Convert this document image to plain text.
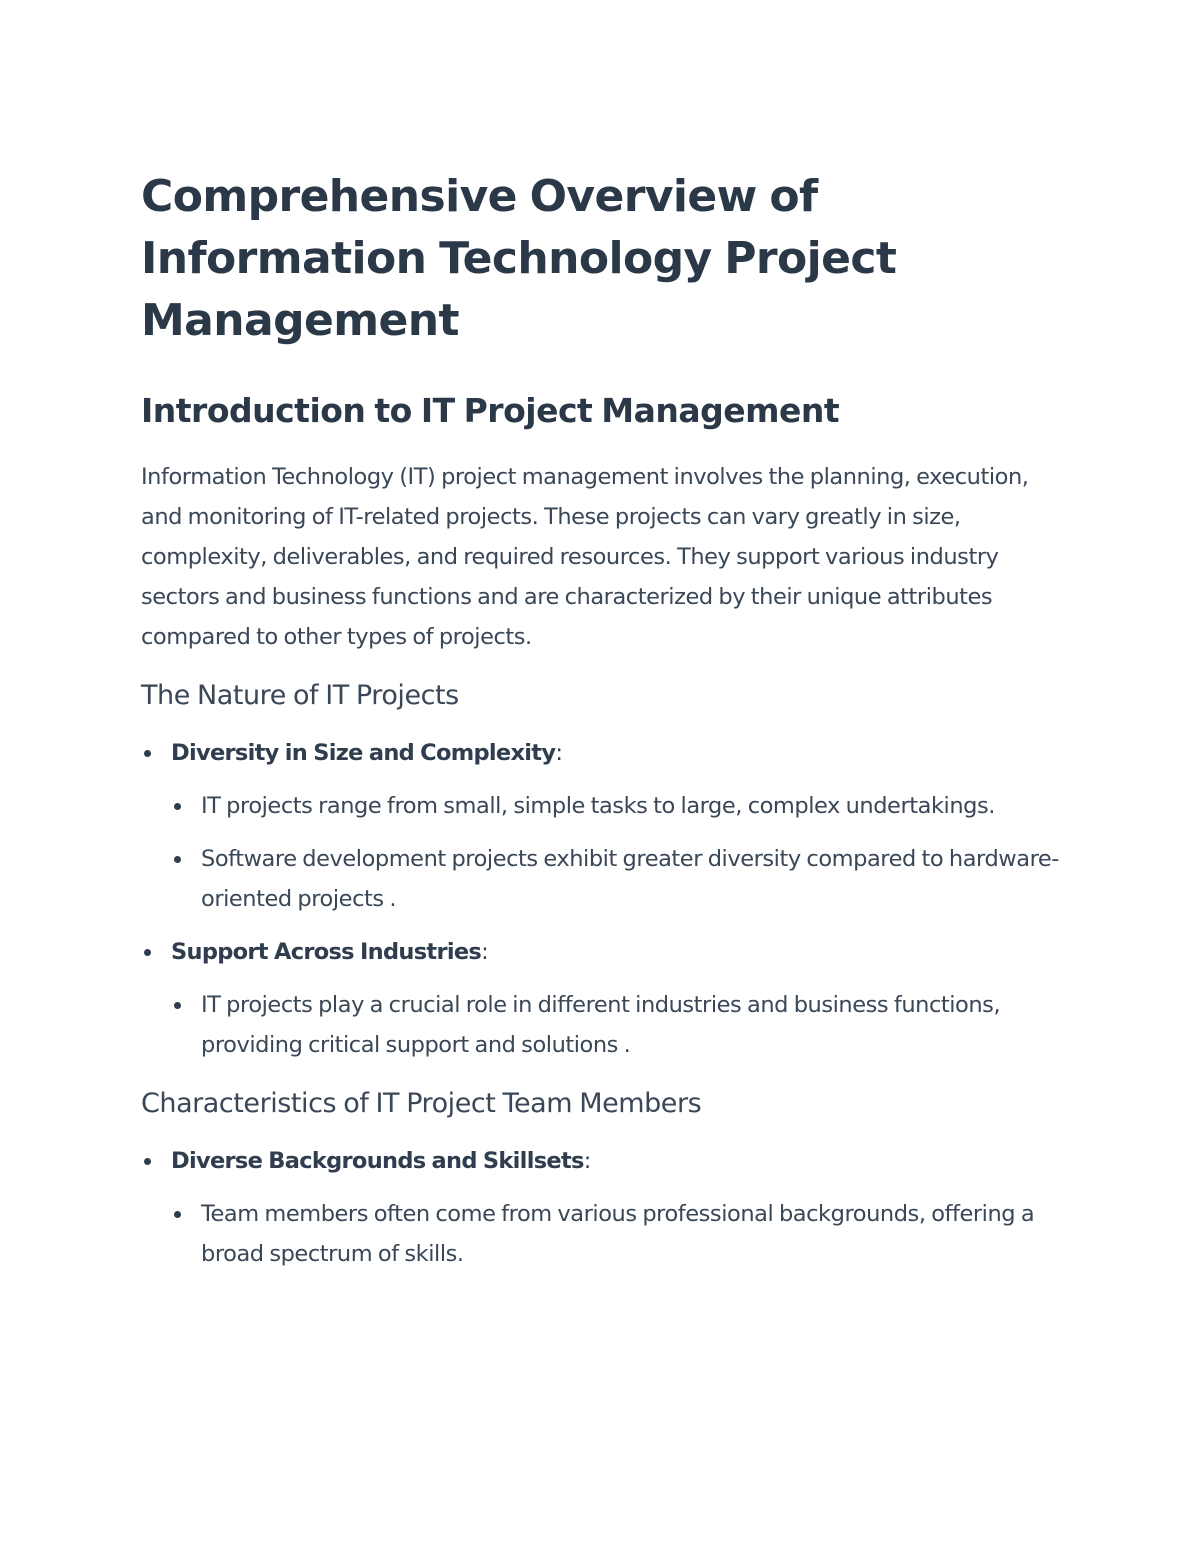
Comprehensive Overview of Information Technology Project Management
Introduction to IT Project Management

Information Technology (IT) project management involves the planning, execution, and monitoring of IT-related projects. These projects can vary greatly in size, complexity, deliverables, and required resources. They support various industry sectors and business functions and are characterized by their unique attributes compared to other types of projects.

The Nature of IT Projects
Diversity in Size and Complexity:
IT projects range from small, simple tasks to large, complex undertakings.
Software development projects exhibit greater diversity compared to hardware-oriented projects .
Support Across Industries:
IT projects play a crucial role in different industries and business functions, providing critical support and solutions .
Characteristics of IT Project Team Members
Diverse Backgrounds and Skillsets:
Team members often come from various professional backgrounds, offering a broad spectrum of skills.
